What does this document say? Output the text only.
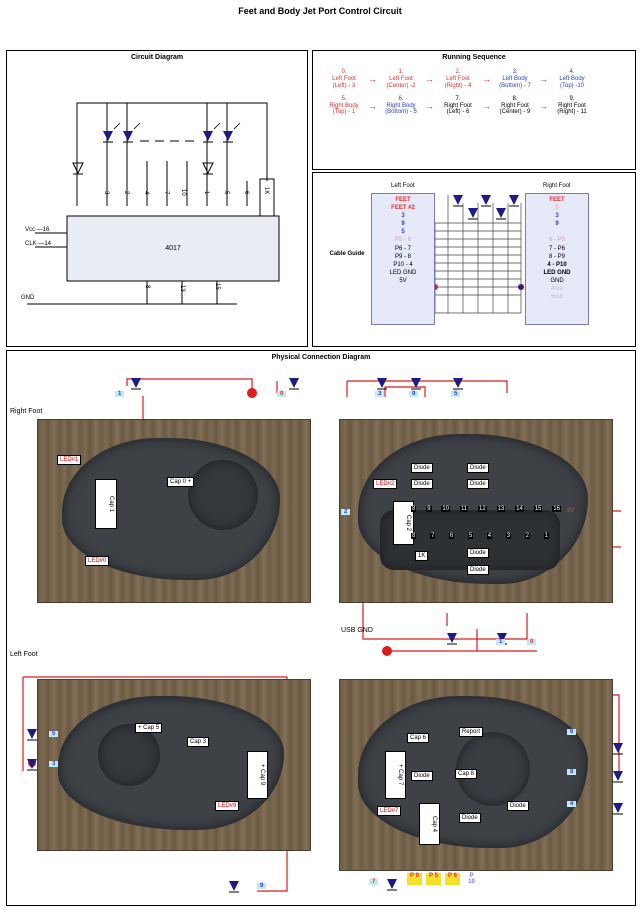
Feet and Body Jet Port Control Circuit
Circuit Diagram
4017
1K
3 2 4 7 10	1 5 6
8	13	15
Vcc —16
CLK —14
GND
Running Sequence
0.
Left Foot
(Left) - 3
→
1.
Left Foot
(Center) -2
→
2.
Left Foot
(Right) - 4
→
3.
Left Body
(Bottom) - 7
→
4.
Left Body
(Top) -10
5.
Right Body
(Top) - 1
→
6.
Right Body
(Bottom) - 5
→
7.
Right Foot
(Left) - 6
→
8.
Right Foot
(Center) - 9
→
9.
Right Foot
(Right) - 11
Left Foot	Right Foot
Cable Guide
FEET
FEET #2
3
9
5
P5 - 6
P6 - 7
P9 - 8
P10 - 4
LED GND
5V
FEET
5
3
9

6 - P5
7 - P6
8 - P9
4 - P10
LED GND
GND
4out
6out
Physical Connection Diagram
Right Foot
Left Foot
1	0
LED#1
LED#0
Cap 1
Cap 0 +
3	9	5
2
1	0
LED#2
Diode	Diode
Diode	Diode
Diode
Diode
Cap 2
1K
5V
8 9 10 11 12 13 14 15 16
8	7	6	5	4	3	2	1
USB GND
5
3
9
+ Cap 5
Cap 3
+ Cap 9
LED#9
6
8
4
7
Cap 6
Cap 8
+ Cap 7
Cap 4
Diode
Diode
Diode
LED#7
Report
P 9	P 5	P 6	P 10
